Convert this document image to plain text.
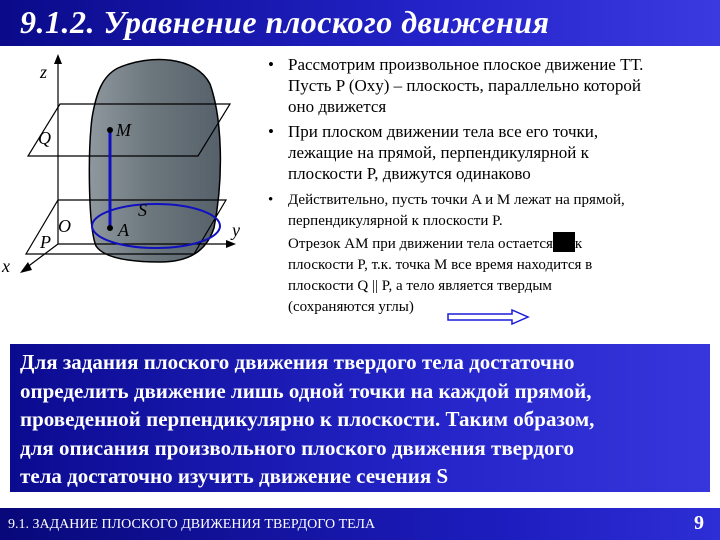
9.1.2. Уравнение плоского движения
z
Q	M
O
P
S
A	y
x
• Рассмотрим произвольное плоское движение ТТ.
Пусть P (Oxy) – плоскость, параллельно которой
оно движется
• При плоском движении тела все его точки,
лежащие на прямой, перпендикулярной к
плоскости P, движутся одинаково
• Действительно, пусть точки A и M лежат на прямой,
перпендикулярной к плоскости P.
Отрезок AM при движении тела остается к
плоскости P, т.к. точка M все время находится в
плоскости Q || P, а тело является твердым
(сохраняются углы)
Для задания плоского движения твердого тела достаточно
определить движение лишь одной точки на каждой прямой,
проведенной перпендикулярно к плоскости. Таким образом,
для описания произвольного плоского движения твердого
тела достаточно изучить движение сечения S
9.1. ЗАДАНИЕ ПЛОСКОГО ДВИЖЕНИЯ ТВЕРДОГО ТЕЛА	9
